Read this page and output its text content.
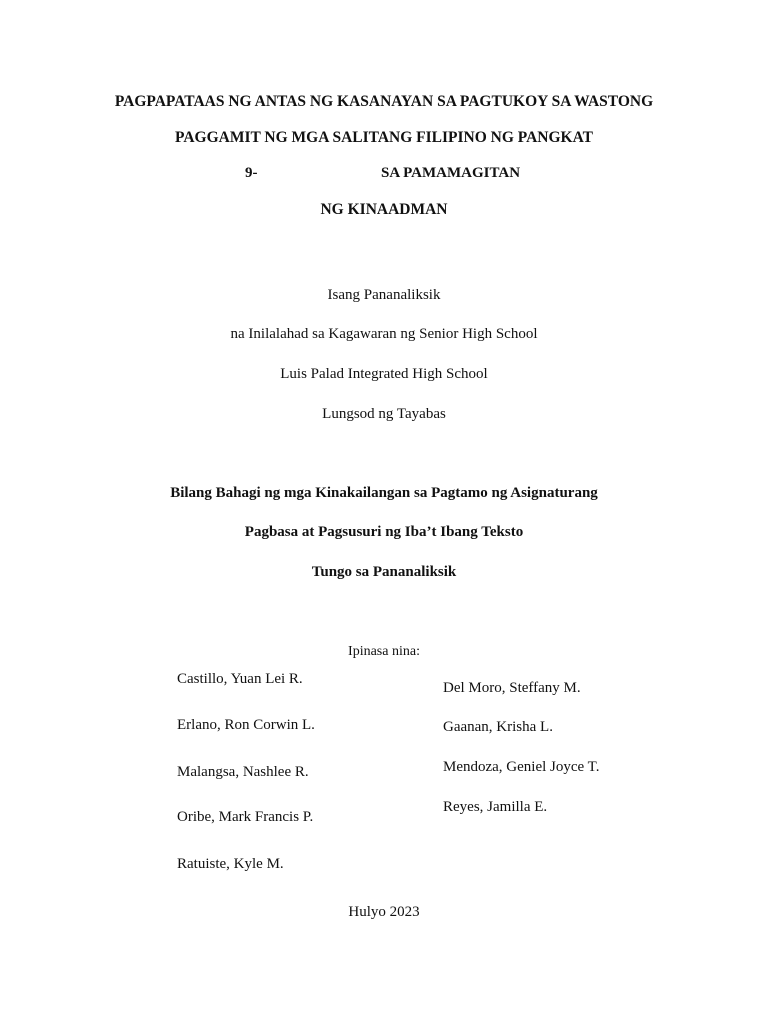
PAGPAPATAAS NG ANTAS NG KASANAYAN SA PAGTUKOY SA WASTONG
PAGGAMIT NG MGA SALITANG FILIPINO NG PANGKAT
9-	SA PAMAMAGITAN
NG KINAADMAN
Isang Pananaliksik
na Inilalahad sa Kagawaran ng Senior High School
Luis Palad Integrated High School
Lungsod ng Tayabas
Bilang Bahagi ng mga Kinakailangan sa Pagtamo ng Asignaturang
Pagbasa at Pagsusuri ng Iba’t Ibang Teksto
Tungo sa Pananaliksik
Ipinasa nina:
Castillo, Yuan Lei R.
Erlano, Ron Corwin L.
Malangsa, Nashlee R.
Oribe, Mark Francis P.
Ratuiste, Kyle M.
Del Moro, Steffany M.
Gaanan, Krisha L.
Mendoza, Geniel Joyce T.
Reyes, Jamilla E.
Hulyo 2023
